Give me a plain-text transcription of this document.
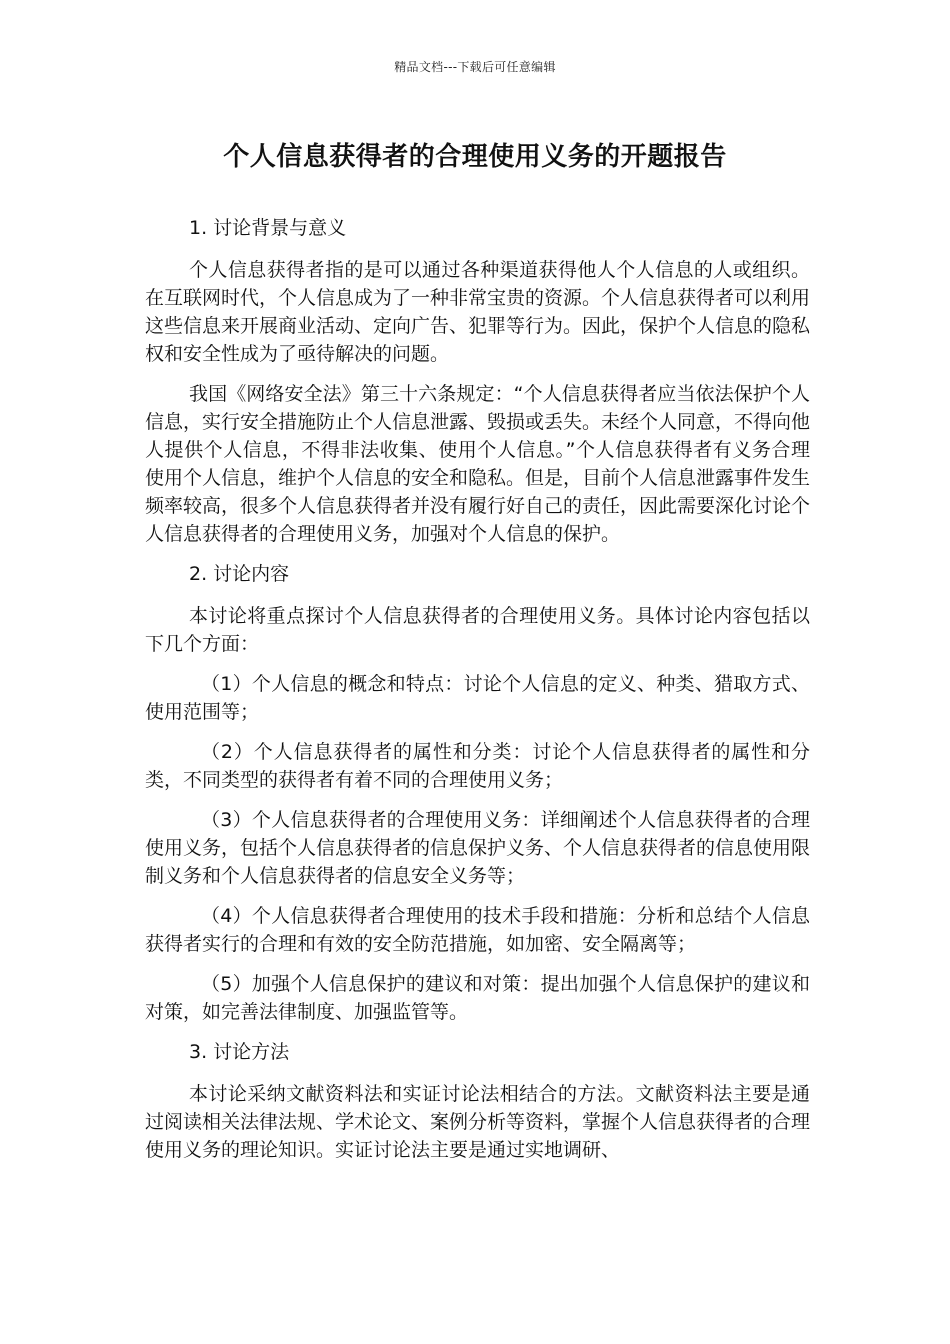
精品文档---下载后可任意编辑
个人信息获得者的合理使用义务的开题报告
1. 讨论背景与意义

个人信息获得者指的是可以通过各种渠道获得他人个人信息的人或组织。在互联网时代，个人信息成为了一种非常宝贵的资源。个人信息获得者可以利用这些信息来开展商业活动、定向广告、犯罪等行为。因此，保护个人信息的隐私权和安全性成为了亟待解决的问题。

我国《网络安全法》第三十六条规定：“个人信息获得者应当依法保护个人信息，实行安全措施防止个人信息泄露、毁损或丢失。未经个人同意，不得向他人提供个人信息，不得非法收集、使用个人信息。”个人信息获得者有义务合理使用个人信息，维护个人信息的安全和隐私。但是，目前个人信息泄露事件发生频率较高，很多个人信息获得者并没有履行好自己的责任，因此需要深化讨论个人信息获得者的合理使用义务，加强对个人信息的保护。

2. 讨论内容

本讨论将重点探讨个人信息获得者的合理使用义务。具体讨论内容包括以下几个方面：

（1）个人信息的概念和特点：讨论个人信息的定义、种类、猎取方式、使用范围等；

（2）个人信息获得者的属性和分类：讨论个人信息获得者的属性和分类，不同类型的获得者有着不同的合理使用义务；

（3）个人信息获得者的合理使用义务：详细阐述个人信息获得者的合理使用义务，包括个人信息获得者的信息保护义务、个人信息获得者的信息使用限制义务和个人信息获得者的信息安全义务等；

（4）个人信息获得者合理使用的技术手段和措施：分析和总结个人信息获得者实行的合理和有效的安全防范措施，如加密、安全隔离等；

（5）加强个人信息保护的建议和对策：提出加强个人信息保护的建议和对策，如完善法律制度、加强监管等。

3. 讨论方法

本讨论采纳文献资料法和实证讨论法相结合的方法。文献资料法主要是通过阅读相关法律法规、学术论文、案例分析等资料，掌握个人信息获得者的合理使用义务的理论知识。实证讨论法主要是通过实地调研、
